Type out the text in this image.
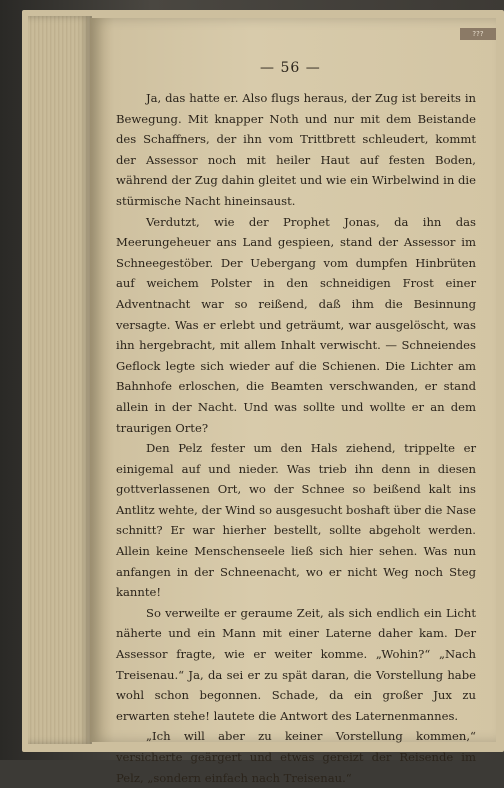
???
— 56 —

Ja, das hatte er. Also flugs heraus, der Zug ist bereits in Bewegung. Mit knapper Noth und nur mit dem Beistande des Schaffners, der ihn vom Trittbrett schleudert, kommt der Assessor noch mit heiler Haut auf festen Boden, während der Zug dahin gleitet und wie ein Wirbelwind in die stürmische Nacht hineinsaust.

Verdutzt, wie der Prophet Jonas, da ihn das Meerungeheuer ans Land gespieen, stand der Assessor im Schneegestöber. Der Uebergang vom dumpfen Hinbrüten auf weichem Polster in den schneidigen Frost einer Adventnacht war so reißend, daß ihm die Besinnung versagte. Was er erlebt und geträumt, war ausgelöscht, was ihn hergebracht, mit allem Inhalt verwischt. — Schneiendes Geflock legte sich wieder auf die Schienen. Die Lichter am Bahnhofe erloschen, die Beamten verschwanden, er stand allein in der Nacht. Und was sollte und wollte er an dem traurigen Orte?

Den Pelz fester um den Hals ziehend, trippelte er einigemal auf und nieder. Was trieb ihn denn in diesen gottverlassenen Ort, wo der Schnee so beißend kalt ins Antlitz wehte, der Wind so ausgesucht boshaft über die Nase schnitt? Er war hierher bestellt, sollte abgeholt werden. Allein keine Menschenseele ließ sich hier sehen. Was nun anfangen in der Schneenacht, wo er nicht Weg noch Steg kannte!

So verweilte er geraume Zeit, als sich endlich ein Licht näherte und ein Mann mit einer Laterne daher kam. Der Assessor fragte, wie er weiter komme. „Wohin?“ „Nach Treisenau.“ Ja, da sei er zu spät daran, die Vorstellung habe wohl schon begonnen. Schade, da ein großer Jux zu erwarten stehe! lautete die Antwort des Laternenmannes.

„Ich will aber zu keiner Vorstellung kommen,“ versicherte geärgert und etwas gereizt der Reisende im Pelz, „sondern einfach nach Treisenau.“
